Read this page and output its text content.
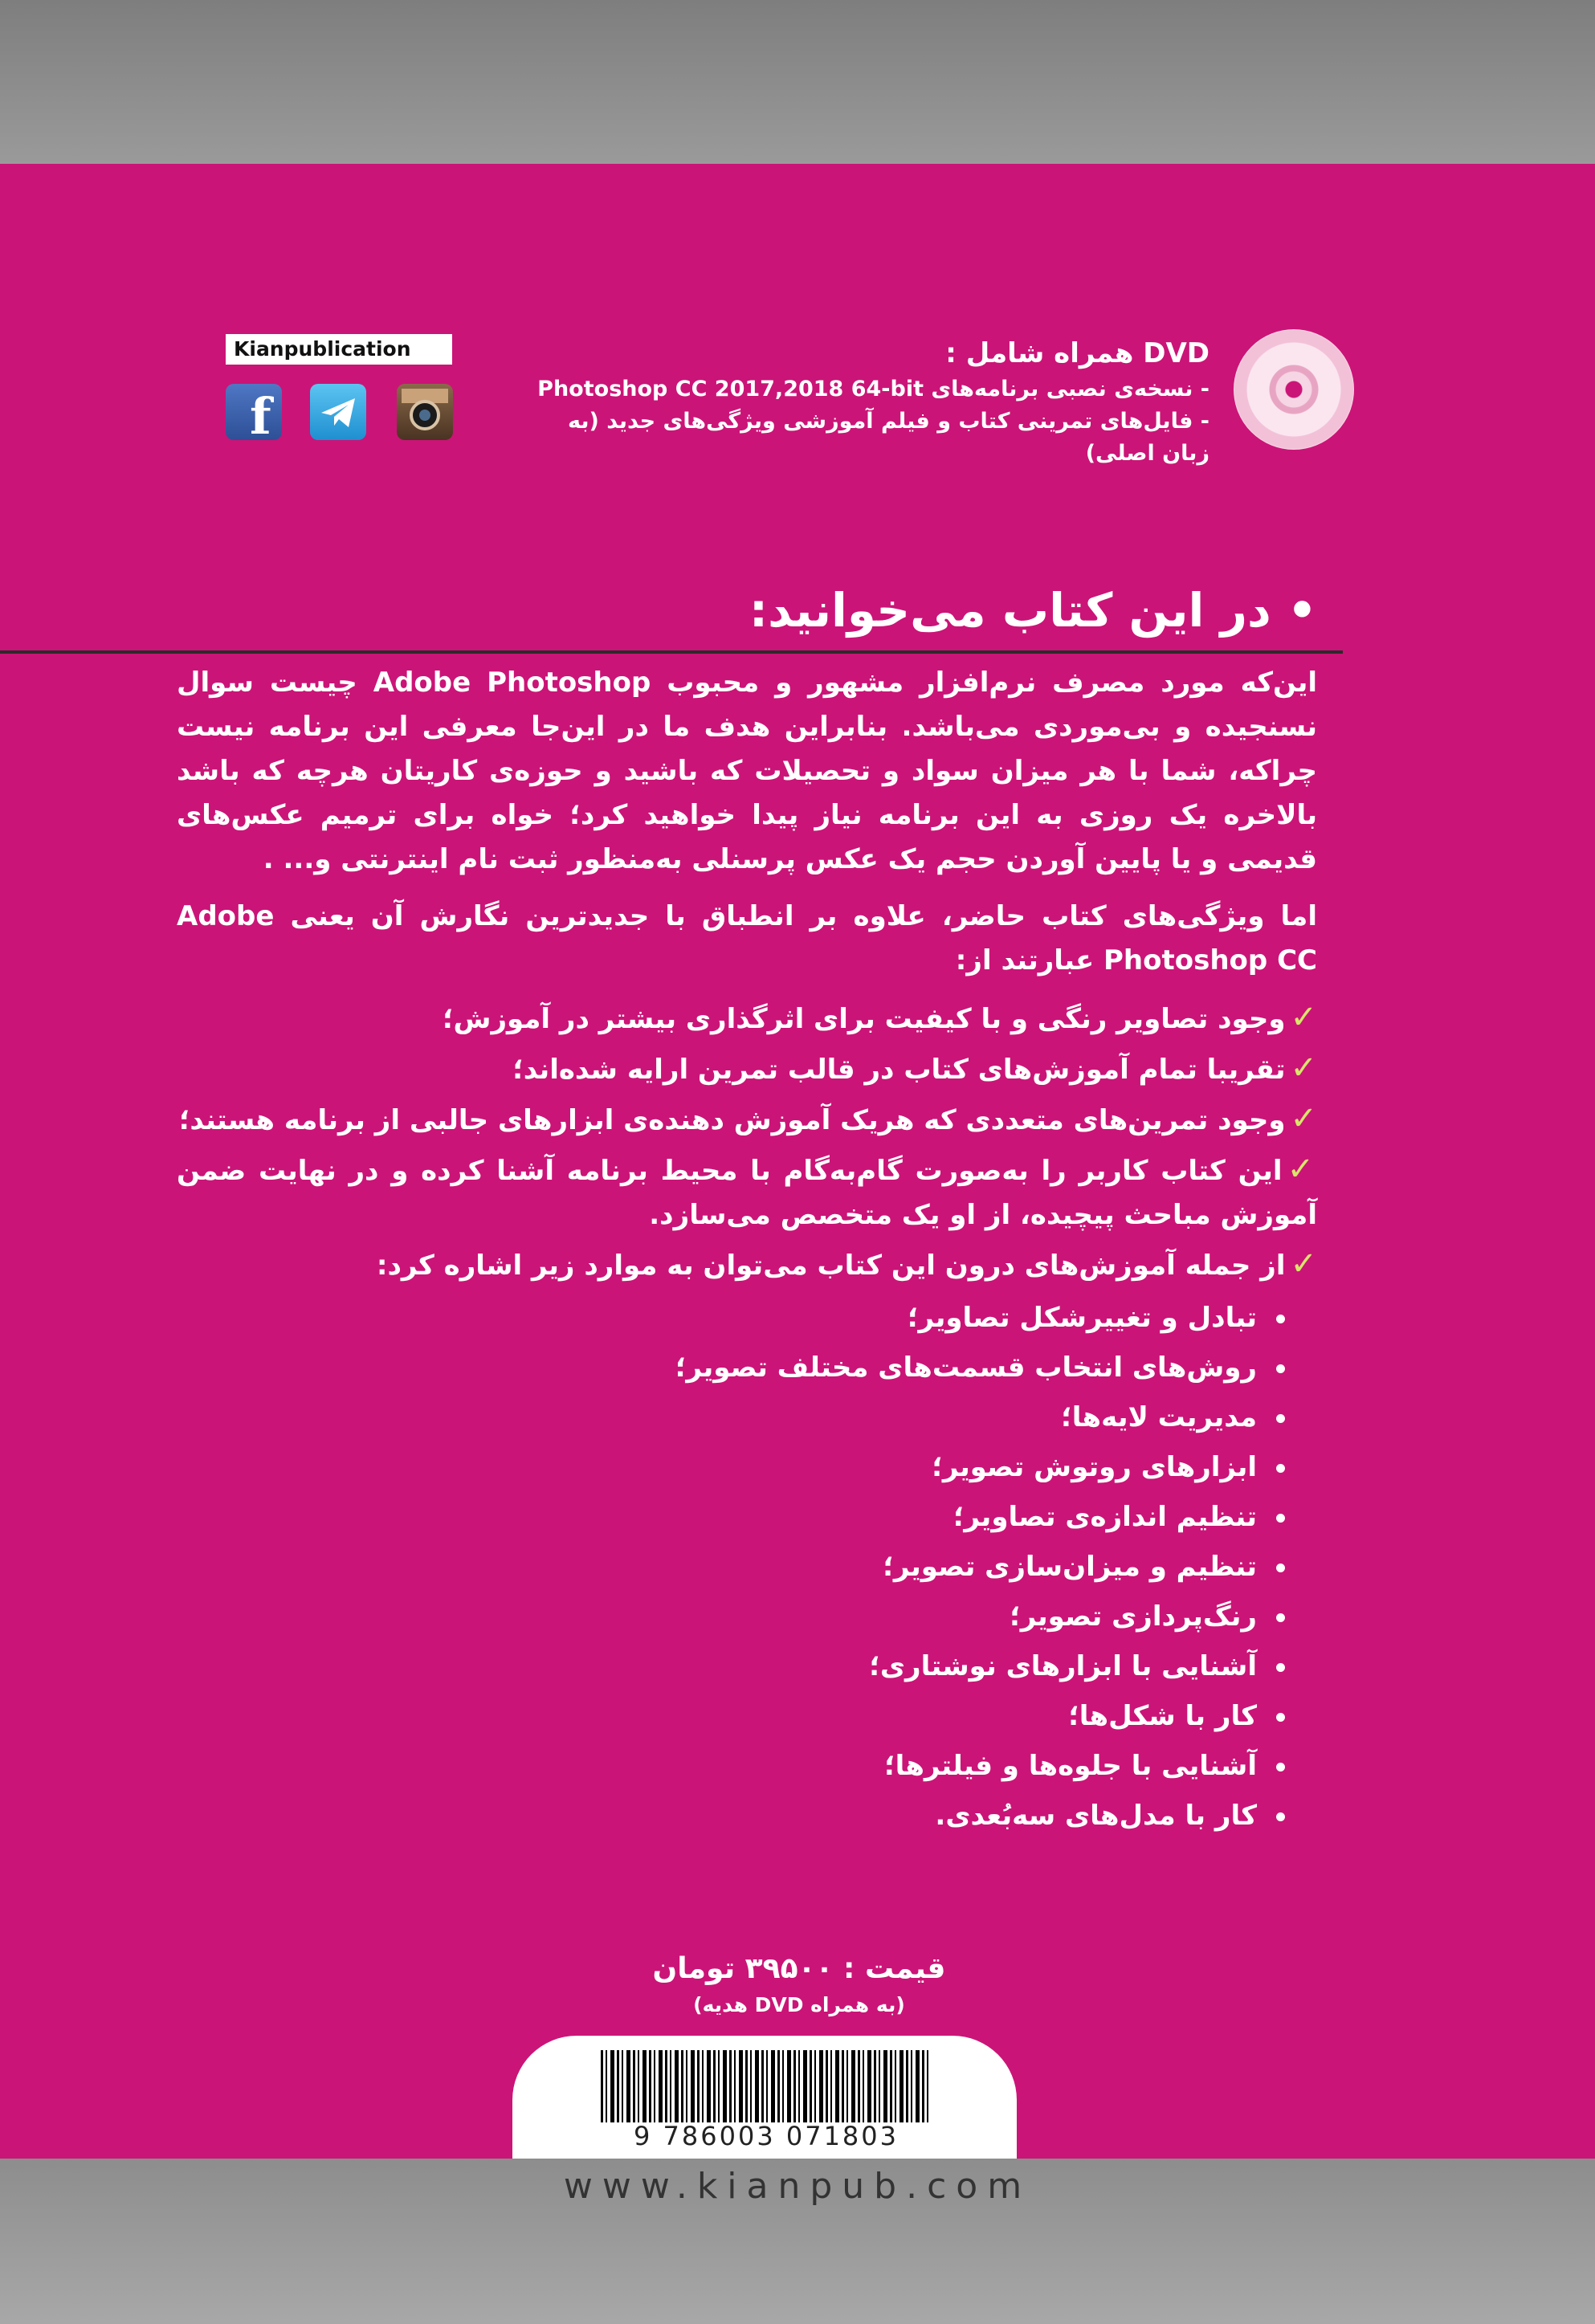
DVD همراه شامل :
- نسخه‌ی نصبی برنامه‌های Photoshop CC 2017,2018 64-bit
- فایل‌های تمرینی کتاب و فیلم آموزشی ویژگی‌های جدید (به زبان اصلی)
Kianpublication
f
• در این کتاب می‌خوانید:

این‌که مورد مصرف نرم‌افزار مشهور و محبوب Adobe Photoshop چیست سوال نسنجیده و بی‌موردی می‌باشد. بنابراین هدف ما در این‌جا معرفی این برنامه نیست چراکه، شما با هر میزان سواد و تحصیلات که باشید و حوزه‌ی کاریتان هرچه که باشد بالاخره یک روزی به این برنامه نیاز پیدا خواهید کرد؛ خواه برای ترمیم عکس‌های قدیمی و یا پایین آوردن حجم یک عکس پرسنلی به‌منظور ثبت نام اینترنتی و... .

اما ویژگی‌های کتاب حاضر، علاوه بر انطباق با جدیدترین نگارش آن یعنی Adobe Photoshop CC عبارتند از:

✓وجود تصاویر رنگی و با کیفیت برای اثرگذاری بیشتر در آموزش؛
✓تقریبا تمام آموزش‌های کتاب در قالب تمرین ارایه شده‌اند؛
✓وجود تمرین‌های متعددی که هریک آموزش دهنده‌ی ابزارهای جالبی از برنامه هستند؛
✓این کتاب کاربر را به‌صورت گام‌به‌گام با محیط برنامه آشنا کرده و در نهایت ضمن آموزش مباحث پیچیده، از او یک متخصص می‌سازد.
✓از جمله آموزش‌های درون این کتاب می‌توان به موارد زیر اشاره کرد:
تبادل و تغییرشکل تصاویر؛
روش‌های انتخاب قسمت‌های مختلف تصویر؛
مدیریت لایه‌ها؛
ابزارهای روتوش تصویر؛
تنظیم اندازه‌ی تصاویر؛
تنظیم و میزان‌سازی تصویر؛
رنگ‌پردازی تصویر؛
آشنایی با ابزارهای نوشتاری؛
کار با شکل‌ها؛
آشنایی با جلوه‌ها و فیلترها؛
کار با مدل‌های سه‌بُعدی.
قیمت : ۳۹۵۰۰ تومان
(به همراه DVD هدیه)
9 786003 071803
www.kianpub.com
